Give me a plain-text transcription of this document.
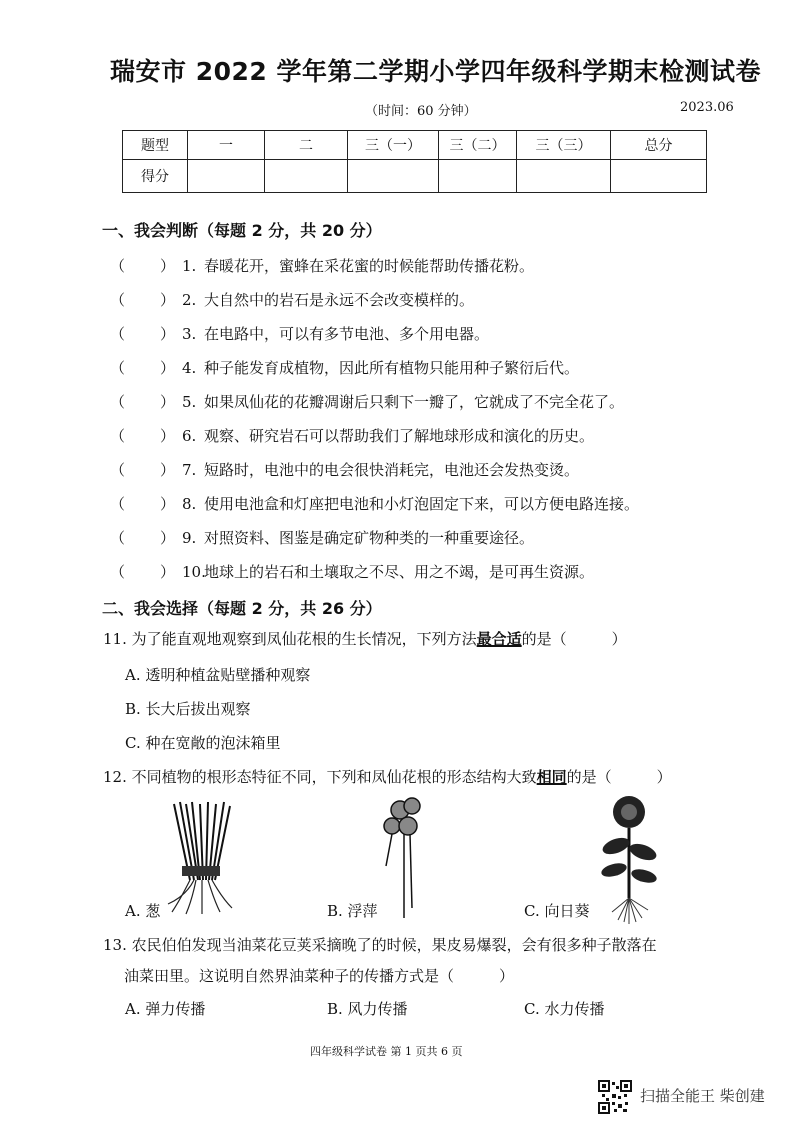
瑞安市 2022 学年第二学期小学四年级科学期末检测试卷
（时间：60 分钟）	2023.06
题型	一	二	三（一）	三（二）	三（三）	总分
得分						
一、我会判断（每题 2 分，共 20 分）
（ ） 1. 春暖花开，蜜蜂在采花蜜的时候能帮助传播花粉。
（ ） 2. 大自然中的岩石是永远不会改变模样的。
（ ） 3. 在电路中，可以有多节电池、多个用电器。
（ ） 4. 种子能发育成植物，因此所有植物只能用种子繁衍后代。
（ ） 5. 如果凤仙花的花瓣凋谢后只剩下一瓣了，它就成了不完全花了。
（ ） 6. 观察、研究岩石可以帮助我们了解地球形成和演化的历史。
（ ） 7. 短路时，电池中的电会很快消耗完，电池还会发热变烫。
（ ） 8. 使用电池盒和灯座把电池和小灯泡固定下来，可以方便电路连接。
（ ） 9. 对照资料、图鉴是确定矿物种类的一种重要途径。
（ ） 10.地球上的岩石和土壤取之不尽、用之不竭，是可再生资源。
二、我会选择（每题 2 分，共 26 分）
11. 为了能直观地观察到凤仙花根的生长情况，下列方法最合适的是（　　　）
A. 透明种植盆贴壁播种观察
B. 长大后拔出观察
C. 种在宽敞的泡沫箱里
12. 不同植物的根形态特征不同，下列和凤仙花根的形态结构大致相同的是（　　　）
A. 葱	B. 浮萍	C. 向日葵
13. 农民伯伯发现当油菜花豆荚采摘晚了的时候，果皮易爆裂，会有很多种子散落在
油菜田里。这说明自然界油菜种子的传播方式是（　　　）
A. 弹力传播	B. 风力传播	C. 水力传播
四年级科学试卷 第 1 页共 6 页
扫描全能王 柴创建
